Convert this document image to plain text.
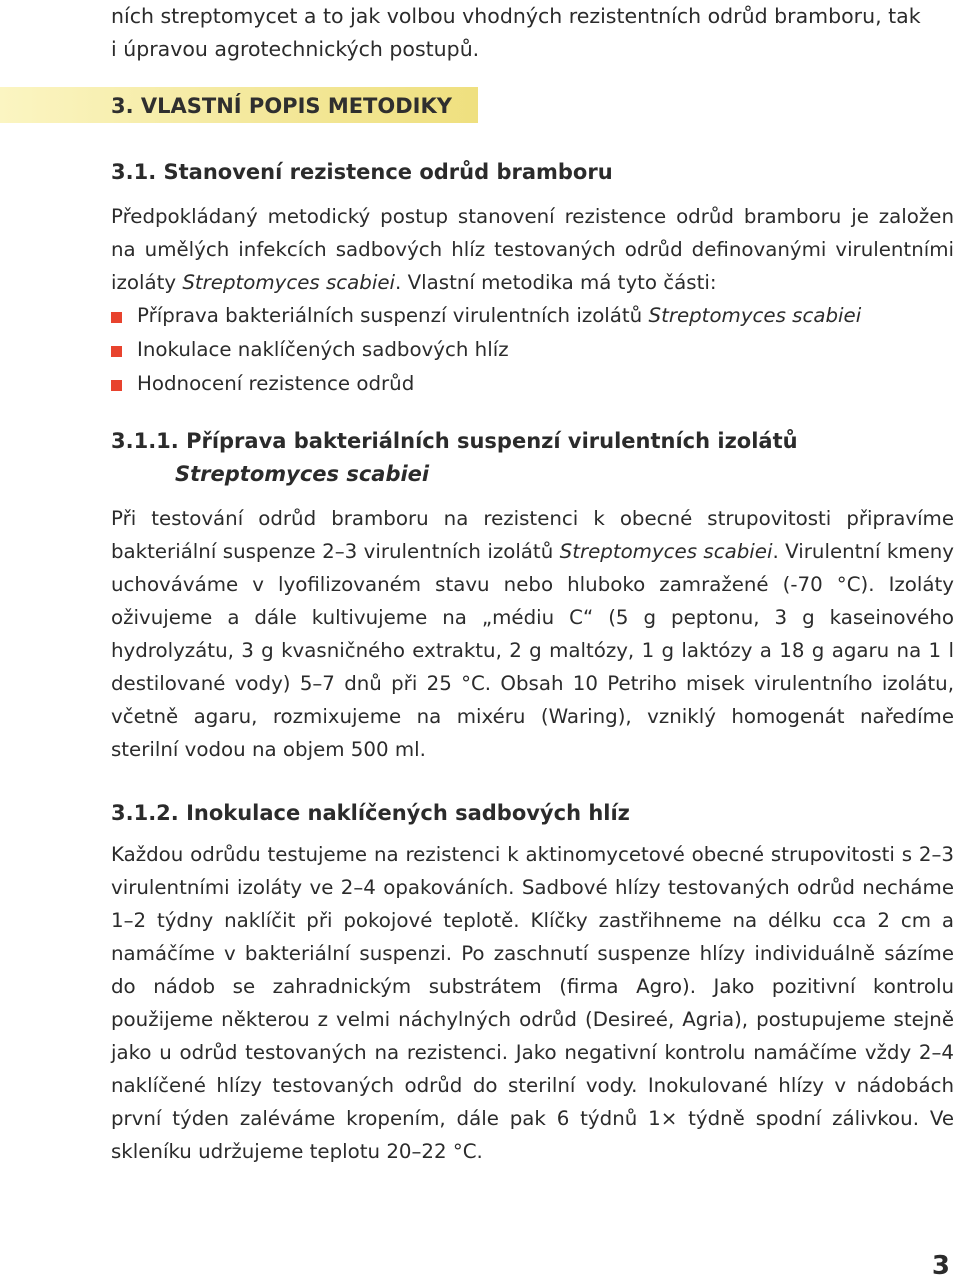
ních streptomycet a to jak volbou vhodných rezistentních odrůd bramboru, tak

i úpravou agrotechnických postupů.

3. VLASTNÍ POPIS METODIKY
3.1. Stanovení rezistence odrůd bramboru

Předpokládaný metodický postup stanovení rezistence odrůd bramboru je založen na umělých infekcích sadbových hlíz testovaných odrůd definovanými virulentními izoláty Streptomyces scabiei. Vlastní metodika má tyto části:

Příprava bakteriálních suspenzí virulentních izolátů Streptomyces scabiei
Inokulace naklíčených sadbových hlíz
Hodnocení rezistence odrůd
3.1.1. Příprava bakteriálních suspenzí virulentních izolátů
Streptomyces scabiei

Při testování odrůd bramboru na rezistenci k obecné strupovitosti připravíme bakteriální suspenze 2–3 virulentních izolátů Streptomyces scabiei. Virulentní kmeny uchováváme v lyofilizovaném stavu nebo hluboko zamražené (-70 °C). Izoláty oživujeme a dále kultivujeme na „médiu C“ (5 g peptonu, 3 g kaseinového hydrolyzátu, 3 g kvasničného extraktu, 2 g maltózy, 1 g laktózy a 18 g agaru na 1 l destilované vody) 5–7 dnů při 25 °C. Obsah 10 Petriho misek virulentního izolátu, včetně agaru, rozmixujeme na mixéru (Waring), vzniklý homogenát naředíme sterilní vodou na objem 500 ml.

3.1.2. Inokulace naklíčených sadbových hlíz

Každou odrůdu testujeme na rezistenci k aktinomycetové obecné strupovitosti s 2–3 virulentními izoláty ve 2–4 opakováních. Sadbové hlízy testovaných odrůd necháme 1–2 týdny naklíčit při pokojové teplotě. Klíčky zastřihneme na délku cca 2 cm a namáčíme v bakteriální suspenzi. Po zaschnutí suspenze hlízy individuálně sázíme do nádob se zahradnickým substrátem (firma Agro). Jako pozitivní kontrolu použijeme některou z velmi náchylných odrůd (Desireé, Agria), postupujeme stejně jako u odrůd testovaných na rezistenci. Jako negativní kontrolu namáčíme vždy 2–4 naklíčené hlízy testovaných odrůd do sterilní vody. Inokulované hlízy v nádobách první týden zaléváme kropením, dále pak 6 týdnů 1× týdně spodní zálivkou. Ve skleníku udržujeme teplotu 20–22 °C.

3
